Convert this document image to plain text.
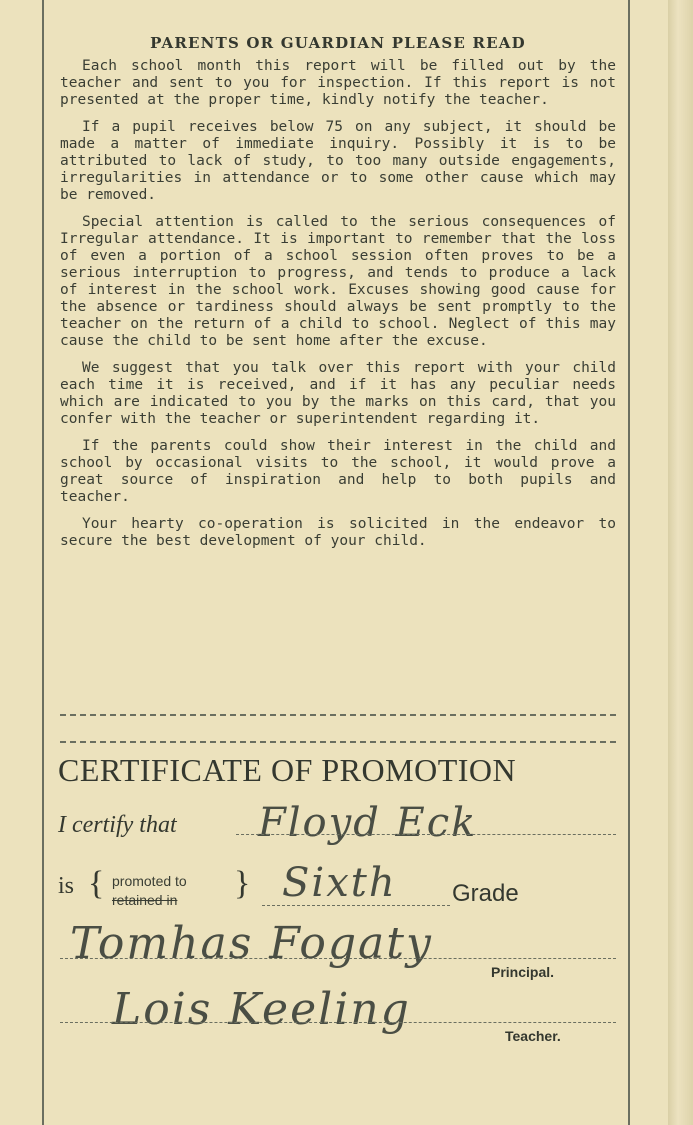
PARENTS OR GUARDIAN PLEASE READ

Each school month this report will be filled out by the teacher and sent to you for inspection. If this report is not presented at the proper time, kindly notify the teacher.

If a pupil receives below 75 on any subject, it should be made a matter of immediate inquiry. Possibly it is to be attributed to lack of study, to too many outside engagements, irregularities in attendance or to some other cause which may be removed.

Special attention is called to the serious consequences of Irregular attendance. It is important to remember that the loss of even a portion of a school session often proves to be a serious interruption to progress, and tends to produce a lack of interest in the school work. Excuses showing good cause for the absence or tardiness should always be sent promptly to the teacher on the return of a child to school. Neglect of this may cause the child to be sent home after the excuse.

We suggest that you talk over this report with your child each time it is received, and if it has any peculiar needs which are indicated to you by the marks on this card, that you confer with the teacher or superintendent regarding it.

If the parents could show their interest in the child and school by occasional visits to the school, it would prove a great source of inspiration and help to both pupils and teacher.

Your hearty co-operation is solicited in the endeavor to secure the best development of your child.

CERTIFICATE OF PROMOTION
I certify that Floyd Eck
is { promoted to
retained in } Sixth Grade
Tomhas Fogaty
Principal.
Lois Keeling
Teacher.
